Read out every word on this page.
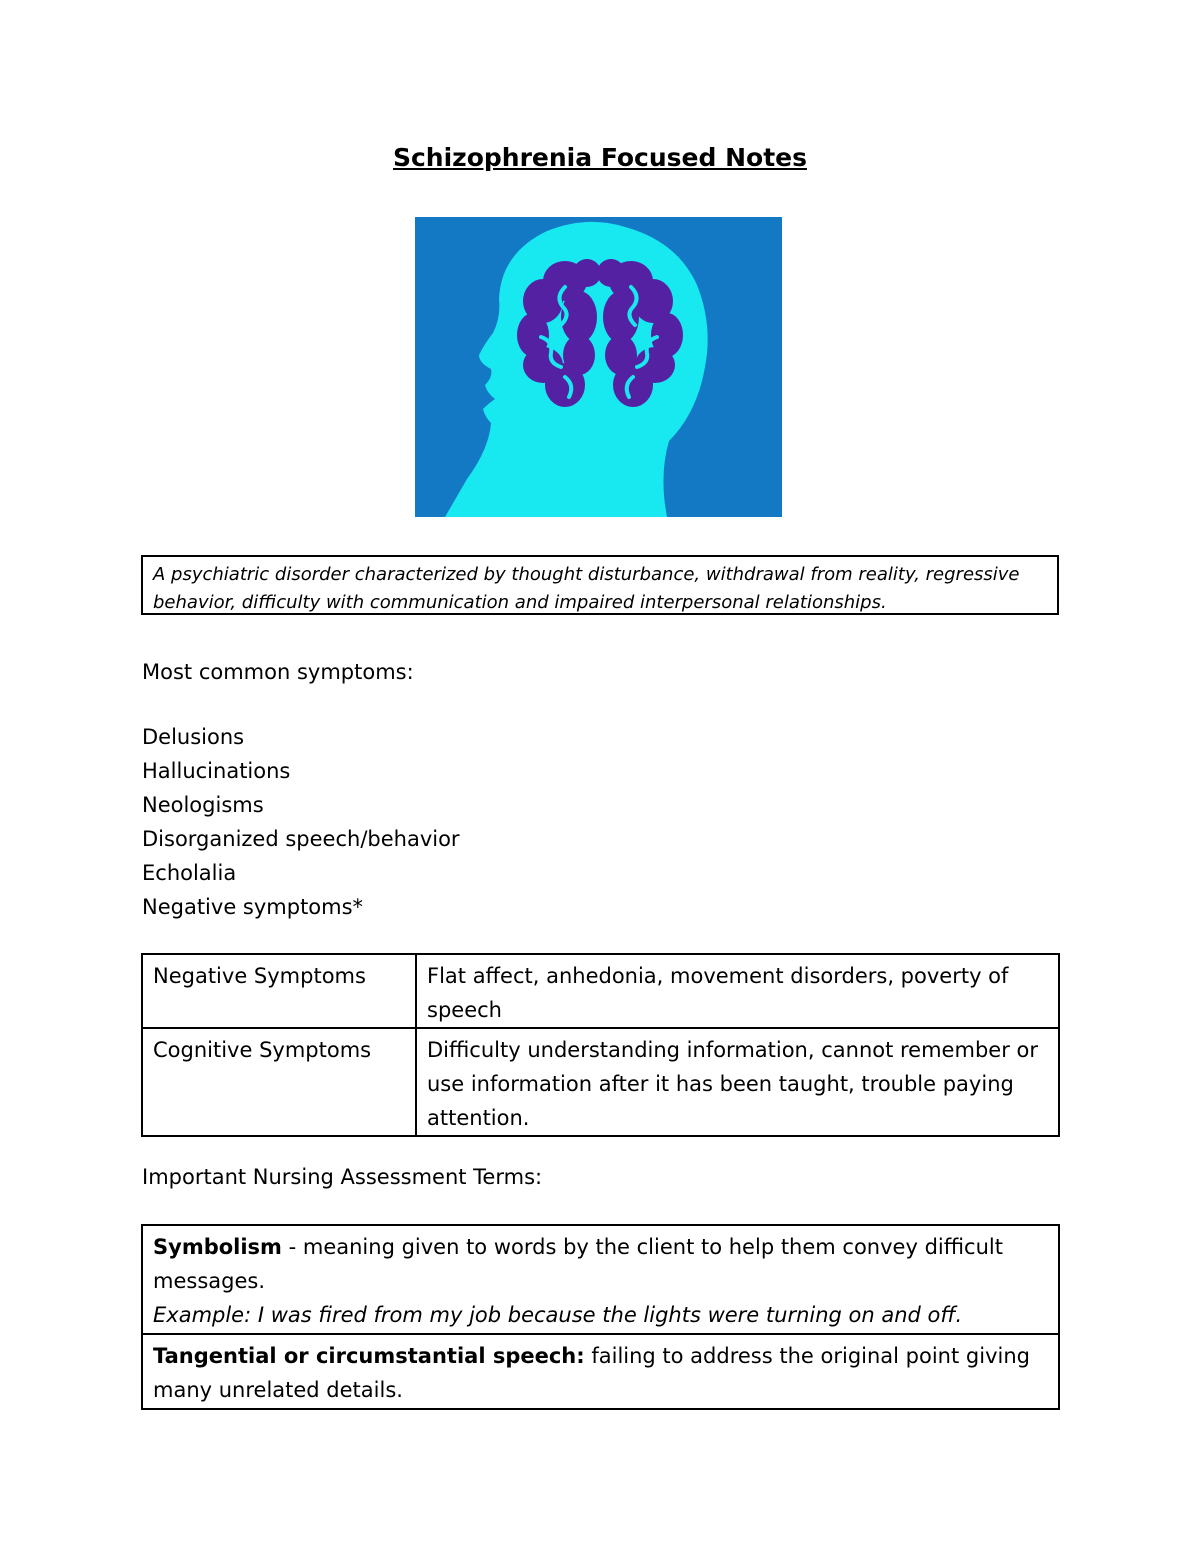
Schizophrenia Focused Notes
A psychiatric disorder characterized by thought disturbance, withdrawal from reality, regressive behavior, difficulty with communication and impaired interpersonal relationships.

Most common symptoms:

Delusions
Hallucinations
Neologisms
Disorganized speech/behavior
Echolalia
Negative symptoms*
Negative Symptoms	Flat affect, anhedonia, movement disorders, poverty of speech
Cognitive Symptoms	Difficulty understanding information, cannot remember or use information after it has been taught, trouble paying attention.

Important Nursing Assessment Terms:

Symbolism - meaning given to words by the client to help them convey difficult messages.
Example: I was fired from my job because the lights were turning on and off.
Tangential or circumstantial speech: failing to address the original point giving many unrelated details.
